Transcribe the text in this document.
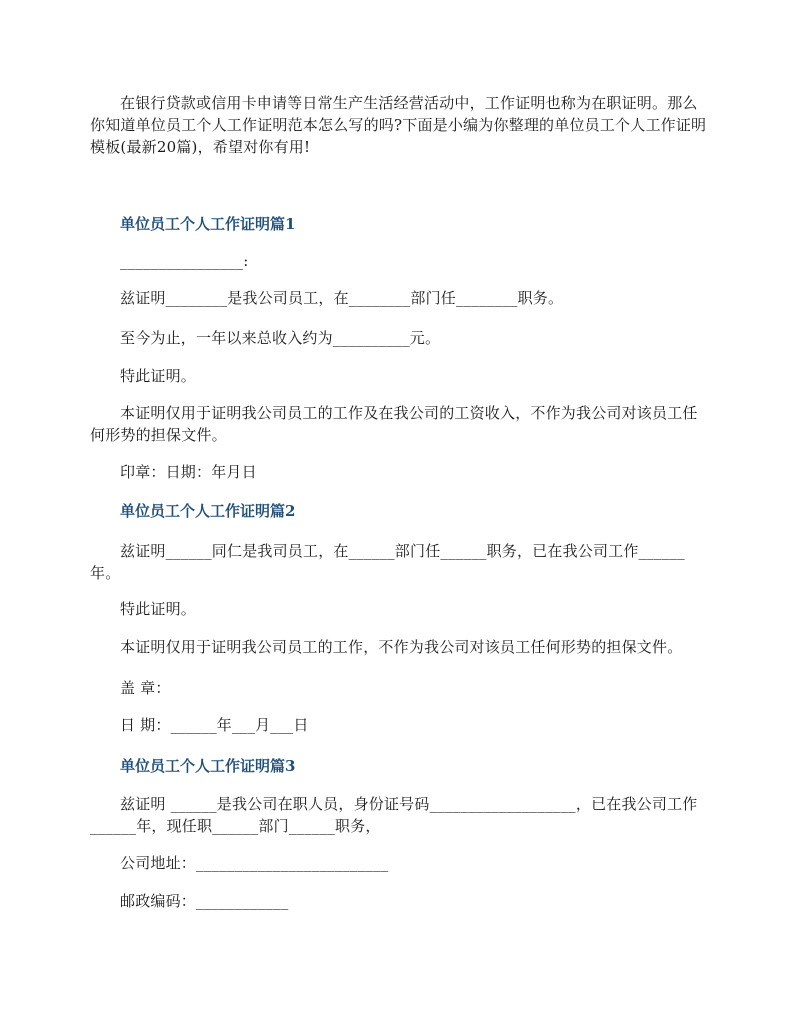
在银行贷款或信用卡申请等日常生产生活经营活动中，工作证明也称为在职证明。那么你知道单位员工个人工作证明范本怎么写的吗?下面是小编为你整理的单位员工个人工作证明模板(最新20篇)，希望对你有用!

单位员工个人工作证明篇1

________________:

兹证明________是我公司员工，在________部门任________职务。

至今为止，一年以来总收入约为__________元。

特此证明。

本证明仅用于证明我公司员工的工作及在我公司的工资收入，不作为我公司对该员工任何形势的担保文件。

印章：日期：年月日

单位员工个人工作证明篇2

兹证明______同仁是我司员工，在______部门任______职务，已在我公司工作______年。

特此证明。

本证明仅用于证明我公司员工的工作，不作为我公司对该员工任何形势的担保文件。

盖 章：

日 期：______年___月___日

单位员工个人工作证明篇3

兹证明 ______是我公司在职人员，身份证号码___________________，已在我公司工作______年，现任职______部门______职务，

公司地址：_________________________

邮政编码：____________
